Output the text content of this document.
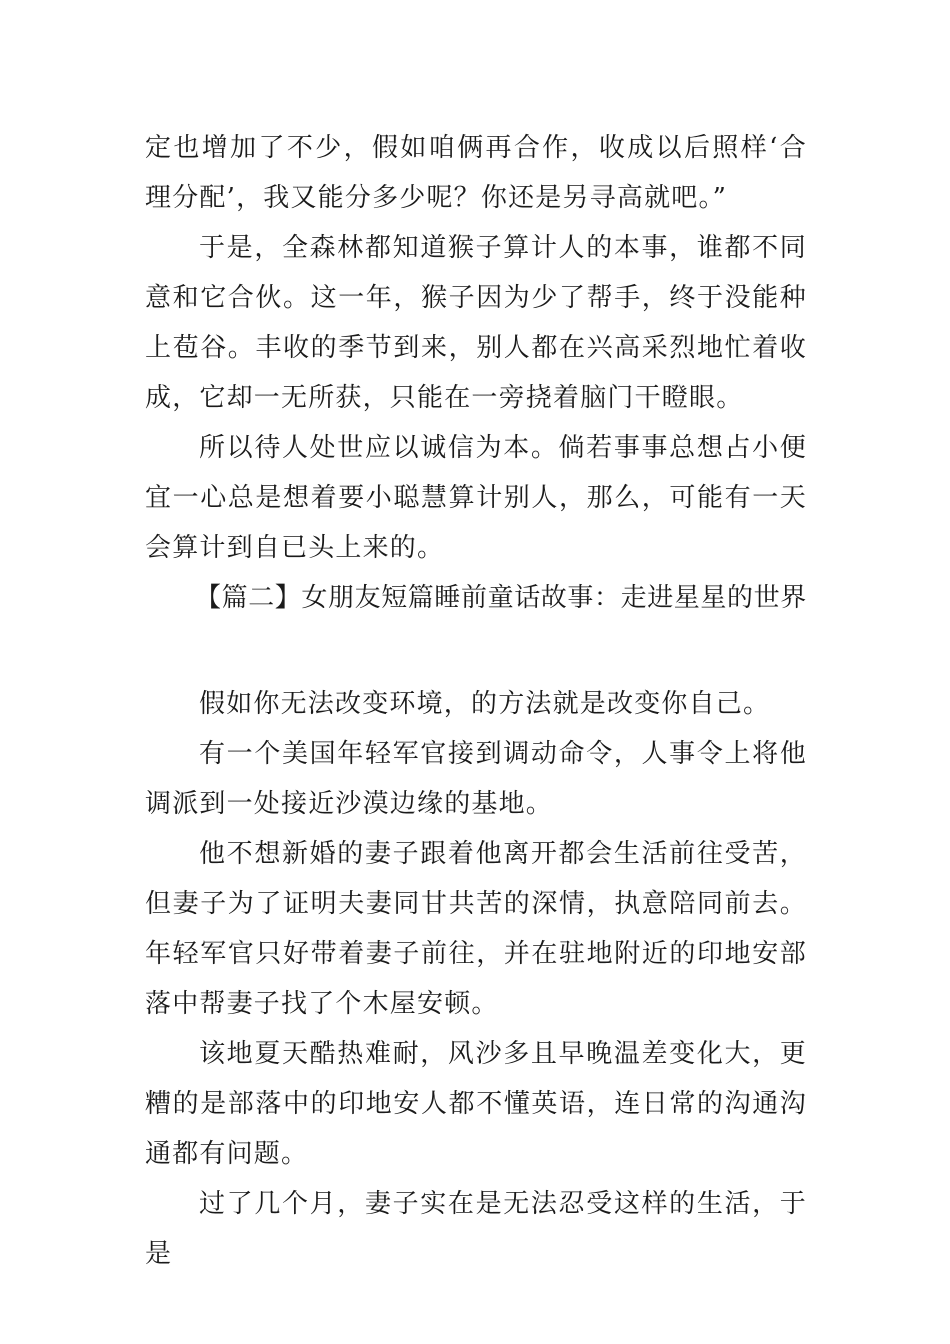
定也增加了不少，假如咱俩再合作，收成以后照样‘合理分配’，我又能分多少呢？你还是另寻高就吧。”

于是，全森林都知道猴子算计人的本事，谁都不同意和它合伙。这一年，猴子因为少了帮手，终于没能种上苞谷。丰收的季节到来，别人都在兴高采烈地忙着收成，它却一无所获，只能在一旁挠着脑门干瞪眼。

所以待人处世应以诚信为本。倘若事事总想占小便宜一心总是想着要小聪慧算计别人，那么，可能有一天会算计到自已头上来的。

【篇二】女朋友短篇睡前童话故事：走进星星的世界

假如你无法改变环境，的方法就是改变你自己。

有一个美国年轻军官接到调动命令，人事令上将他调派到一处接近沙漠边缘的基地。

他不想新婚的妻子跟着他离开都会生活前往受苦，但妻子为了证明夫妻同甘共苦的深情，执意陪同前去。年轻军官只好带着妻子前往，并在驻地附近的印地安部落中帮妻子找了个木屋安顿。

该地夏天酷热难耐，风沙多且早晚温差变化大，更糟的是部落中的印地安人都不懂英语，连日常的沟通沟通都有问题。

过了几个月，妻子实在是无法忍受这样的生活，于是
